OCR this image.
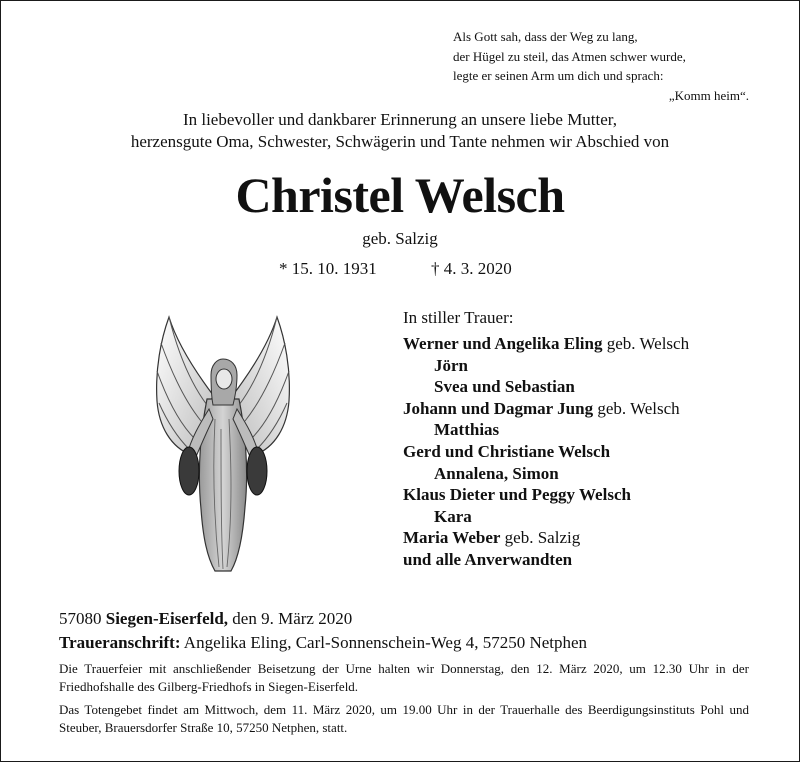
Als Gott sah, dass der Weg zu lang,
der Hügel zu steil, das Atmen schwer wurde,
legte er seinen Arm um dich und sprach:
„Komm heim“.
In liebevoller und dankbarer Erinnerung an unsere liebe Mutter,
herzensgute Oma, Schwester, Schwägerin und Tante nehmen wir Abschied von
Christel Welsch
geb. Salzig
* 15. 10. 1931	† 4. 3. 2020
In stiller Trauer:
Werner und Angelika Eling geb. Welsch
Jörn
Svea und Sebastian
Johann und Dagmar Jung geb. Welsch
Matthias
Gerd und Christiane Welsch
Annalena, Simon
Klaus Dieter und Peggy Welsch
Kara
Maria Weber geb. Salzig
und alle Anverwandten
57080 Siegen-Eiserfeld, den 9. März 2020
Traueranschrift: Angelika Eling, Carl-Sonnenschein-Weg 4, 57250 Netphen

Die Trauerfeier mit anschließender Beisetzung der Urne halten wir Donnerstag, den 12. März 2020, um 12.30 Uhr in der Friedhofshalle des Gilberg-Friedhofs in Siegen-Eiserfeld.

Das Totengebet findet am Mittwoch, dem 11. März 2020, um 19.00 Uhr in der Trauerhalle des Beerdigungsinstituts Pohl und Steuber, Brauersdorfer Straße 10, 57250 Netphen, statt.
